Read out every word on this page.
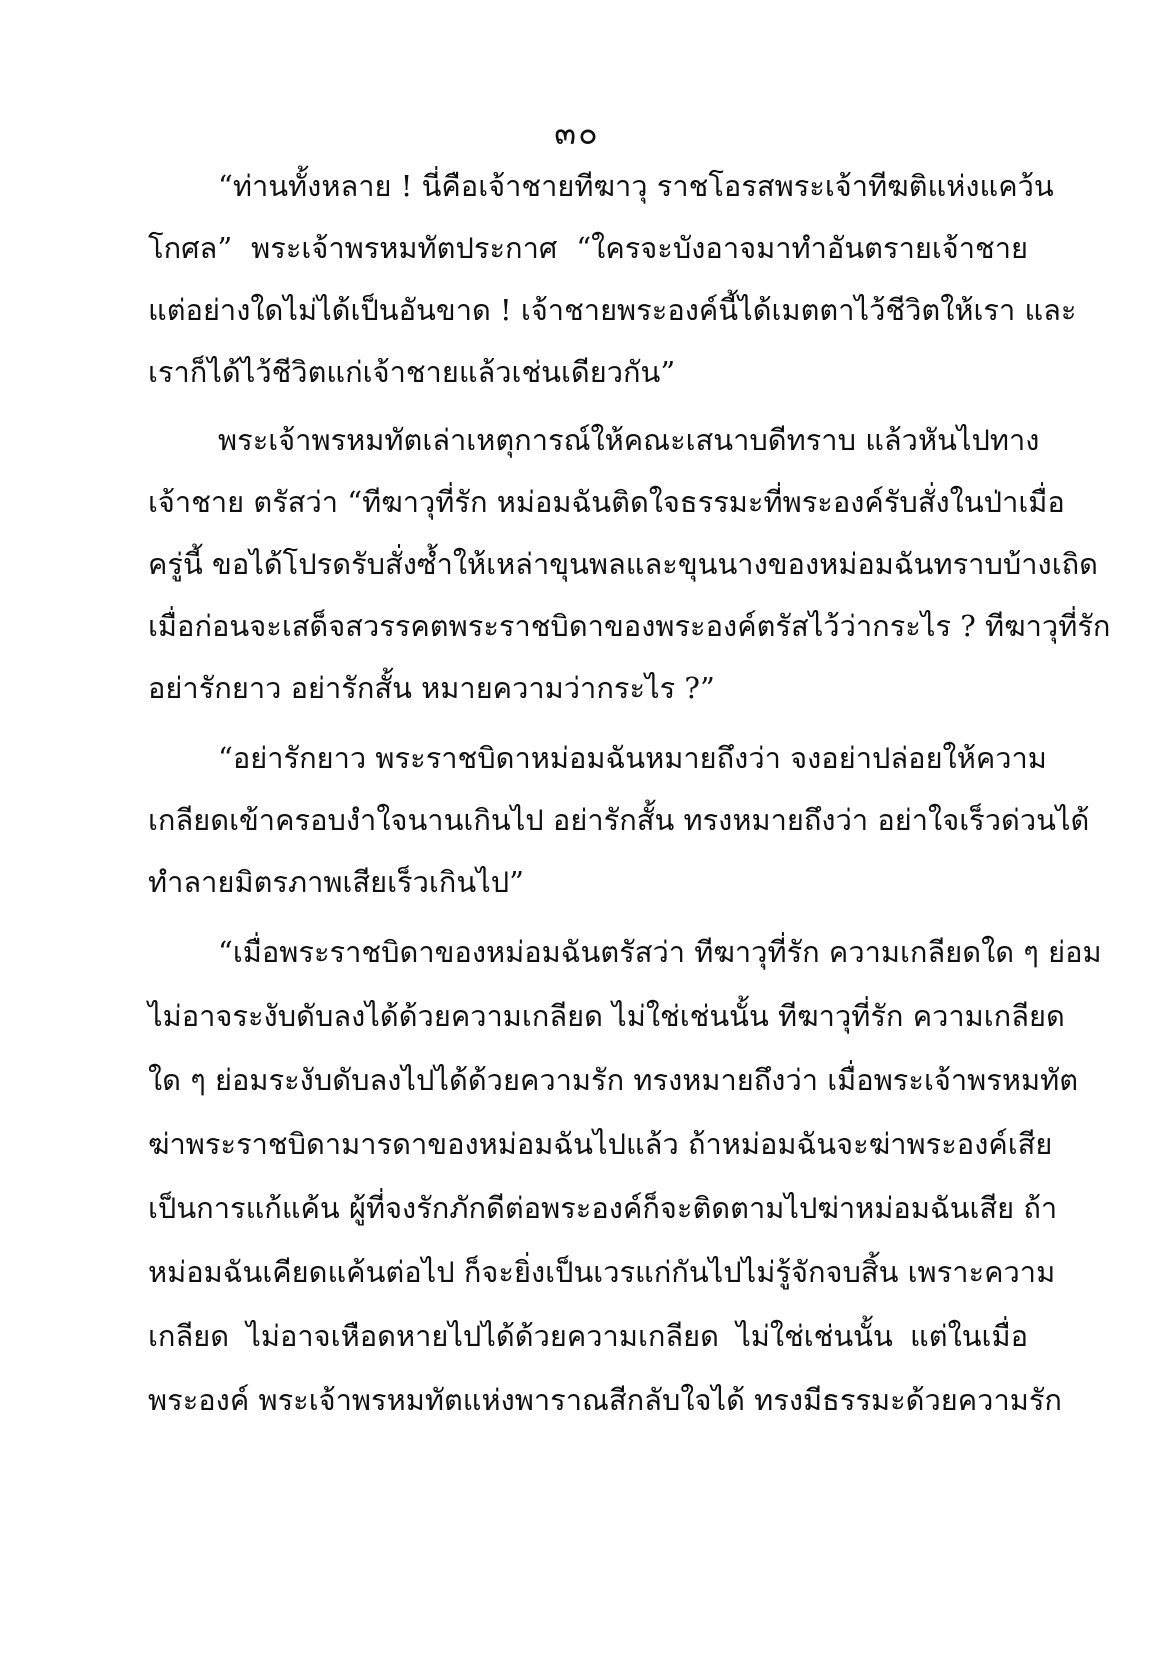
๓๐
“ท่านทั้งหลาย ! นี่คือเจ้าชายทีฆาวุ ราชโอรสพระเจ้าทีฆติแห่งแคว้น
โกศล” พระเจ้าพรหมทัตประกาศ “ใครจะบังอาจมาทำอันตรายเจ้าชาย
แต่อย่างใดไม่ได้เป็นอันขาด ! เจ้าชายพระองค์นี้ได้เมตตาไว้ชีวิตให้เรา และ
เราก็ได้ไว้ชีวิตแก่เจ้าชายแล้วเช่นเดียวกัน”
พระเจ้าพรหมทัตเล่าเหตุการณ์ให้คณะเสนาบดีทราบ แล้วหันไปทาง
เจ้าชาย ตรัสว่า “ทีฆาวุที่รัก หม่อมฉันติดใจธรรมะที่พระองค์รับสั่งในป่าเมื่อ
ครู่นี้ ขอได้โปรดรับสั่งซ้ำให้เหล่าขุนพลและขุนนางของหม่อมฉันทราบบ้างเถิด
เมื่อก่อนจะเสด็จสวรรคตพระราชบิดาของพระองค์ตรัสไว้ว่ากระไร ? ทีฆาวุที่รัก
อย่ารักยาว อย่ารักสั้น หมายความว่ากระไร ?”
“อย่ารักยาว พระราชบิดาหม่อมฉันหมายถึงว่า จงอย่าปล่อยให้ความ
เกลียดเข้าครอบงำใจนานเกินไป อย่ารักสั้น ทรงหมายถึงว่า อย่าใจเร็วด่วนได้
ทำลายมิตรภาพเสียเร็วเกินไป”
“เมื่อพระราชบิดาของหม่อมฉันตรัสว่า ทีฆาวุที่รัก ความเกลียดใด ๆ ย่อม
ไม่อาจระงับดับลงได้ด้วยความเกลียด ไม่ใช่เช่นนั้น ทีฆาวุที่รัก ความเกลียด
ใด ๆ ย่อมระงับดับลงไปได้ด้วยความรัก ทรงหมายถึงว่า เมื่อพระเจ้าพรหมทัต
ฆ่าพระราชบิดามารดาของหม่อมฉันไปแล้ว ถ้าหม่อมฉันจะฆ่าพระองค์เสีย
เป็นการแก้แค้น ผู้ที่จงรักภักดีต่อพระองค์ก็จะติดตามไปฆ่าหม่อมฉันเสีย ถ้า
หม่อมฉันเคียดแค้นต่อไป ก็จะยิ่งเป็นเวรแก่กันไปไม่รู้จักจบสิ้น เพราะความ
เกลียด ไม่อาจเหือดหายไปได้ด้วยความเกลียด ไม่ใช่เช่นนั้น แต่ในเมื่อ
พระองค์ พระเจ้าพรหมทัตแห่งพาราณสีกลับใจได้ ทรงมีธรรมะด้วยความรัก
